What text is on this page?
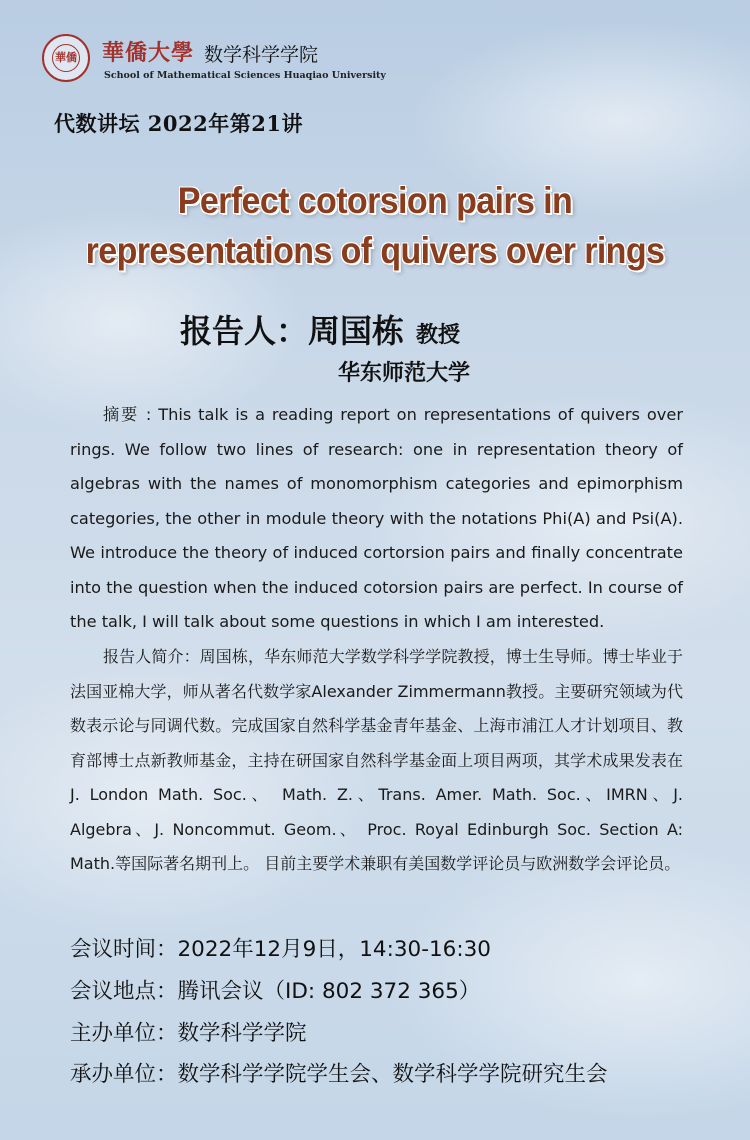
華僑 華僑大學 数学科学学院
School of Mathematical Sciences Huaqiao University
代数讲坛 2022年第21讲
Perfect cotorsion pairs in
representations of quivers over rings
报告人：周国栋 教授
华东师范大学
摘要 : This talk is a reading report on representations of quivers over rings. We follow two lines of research: one in representation theory of algebras with the names of monomorphism categories and epimorphism categories, the other in module theory with the notations Phi(A) and Psi(A). We introduce the theory of induced cortorsion pairs and finally concentrate into the question when the induced cotorsion pairs are perfect. In course of the talk, I will talk about some questions in which I am interested.
报告人简介：周国栋，华东师范大学数学科学学院教授，博士生导师。博士毕业于法国亚棉大学，师从著名代数学家Alexander Zimmermann教授。主要研究领域为代数表示论与同调代数。完成国家自然科学基金青年基金、上海市浦江人才计划项目、教育部博士点新教师基金，主持在研国家自然科学基金面上项目两项，其学术成果发表在 J. London Math. Soc.、 Math. Z.、Trans. Amer. Math. Soc.、IMRN、J. Algebra、J. Noncommut. Geom.、 Proc. Royal Edinburgh Soc. Section A: Math.等国际著名期刊上。 目前主要学术兼职有美国数学评论员与欧洲数学会评论员。
会议时间：2022年12月9日，14:30-16:30
会议地点：腾讯会议（ID: 802 372 365）
主办单位：数学科学学院
承办单位：数学科学学院学生会、数学科学学院研究生会
